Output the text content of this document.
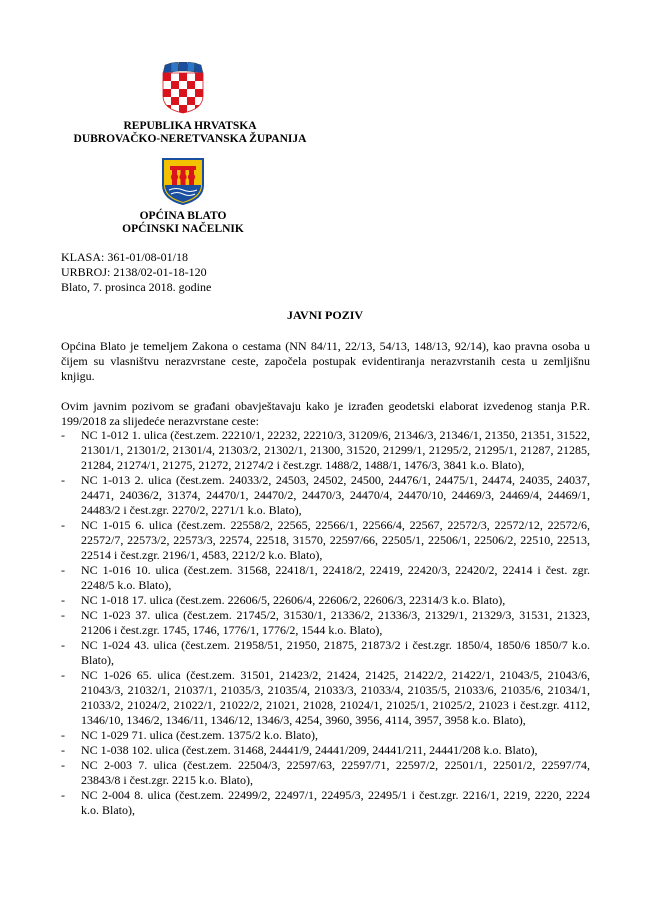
REPUBLIKA HRVATSKA
DUBROVAČKO-NERETVANSKA ŽUPANIJA
OPĆINA BLATO
OPĆINSKI NAČELNIK
KLASA: 361-01/08-01/18
URBROJ: 2138/02-01-18-120
Blato, 7. prosinca 2018. godine
JAVNI POZIV
Općina Blato je temeljem Zakona o cestama (NN 84/11, 22/13, 54/13, 148/13, 92/14), kao pravna osoba u čijem su vlasništvu nerazvrstane ceste, započela postupak evidentiranja nerazvrstanih cesta u zemljišnu knjigu.
Ovim javnim pozivom se građani obavještavaju kako je izrađen geodetski elaborat izvedenog stanja P.R. 199/2018 za slijedeće nerazvrstane ceste:
- NC 1-012 1. ulica (čest.zem. 22210/1, 22232, 22210/3, 31209/6, 21346/3, 21346/1, 21350, 21351, 31522, 21301/1, 21301/2, 21301/4, 21303/2, 21302/1, 21300, 31520, 21299/1, 21295/2, 21295/1, 21287, 21285, 21284, 21274/1, 21275, 21272, 21274/2 i čest.zgr. 1488/2, 1488/1, 1476/3, 3841 k.o. Blato),
- NC 1-013 2. ulica (čest.zem. 24033/2, 24503, 24502, 24500, 24476/1, 24475/1, 24474, 24035, 24037, 24471, 24036/2, 31374, 24470/1, 24470/2, 24470/3, 24470/4, 24470/10, 24469/3, 24469/4, 24469/1, 24483/2 i čest.zgr. 2270/2, 2271/1 k.o. Blato),
- NC 1-015 6. ulica (čest.zem. 22558/2, 22565, 22566/1, 22566/4, 22567, 22572/3, 22572/12, 22572/6, 22572/7, 22573/2, 22573/3, 22574, 22518, 31570, 22597/66, 22505/1, 22506/1, 22506/2, 22510, 22513, 22514 i čest.zgr. 2196/1, 4583, 2212/2 k.o. Blato),
- NC 1-016 10. ulica (čest.zem. 31568, 22418/1, 22418/2, 22419, 22420/3, 22420/2, 22414 i čest. zgr. 2248/5 k.o. Blato),
- NC 1-018 17. ulica (čest.zem. 22606/5, 22606/4, 22606/2, 22606/3, 22314/3 k.o. Blato),
- NC 1-023 37. ulica (čest.zem. 21745/2, 31530/1, 21336/2, 21336/3, 21329/1, 21329/3, 31531, 21323, 21206 i čest.zgr. 1745, 1746, 1776/1, 1776/2, 1544 k.o. Blato),
- NC 1-024 43. ulica (čest.zem. 21958/51, 21950, 21875, 21873/2 i čest.zgr. 1850/4, 1850/6 1850/7 k.o. Blato),
- NC 1-026 65. ulica (čest.zem. 31501, 21423/2, 21424, 21425, 21422/2, 21422/1, 21043/5, 21043/6, 21043/3, 21032/1, 21037/1, 21035/3, 21035/4, 21033/3, 21033/4, 21035/5, 21033/6, 21035/6, 21034/1, 21033/2, 21024/2, 21022/1, 21022/2, 21021, 21028, 21024/1, 21025/1, 21025/2, 21023 i čest.zgr. 4112, 1346/10, 1346/2, 1346/11, 1346/12, 1346/3, 4254, 3960, 3956, 4114, 3957, 3958 k.o. Blato),
- NC 1-029 71. ulica (čest.zem. 1375/2 k.o. Blato),
- NC 1-038 102. ulica (čest.zem. 31468, 24441/9, 24441/209, 24441/211, 24441/208 k.o. Blato),
- NC 2-003 7. ulica (čest.zem. 22504/3, 22597/63, 22597/71, 22597/2, 22501/1, 22501/2, 22597/74, 23843/8 i čest.zgr. 2215 k.o. Blato),
- NC 2-004 8. ulica (čest.zem. 22499/2, 22497/1, 22495/3, 22495/1 i čest.zgr. 2216/1, 2219, 2220, 2224 k.o. Blato),
